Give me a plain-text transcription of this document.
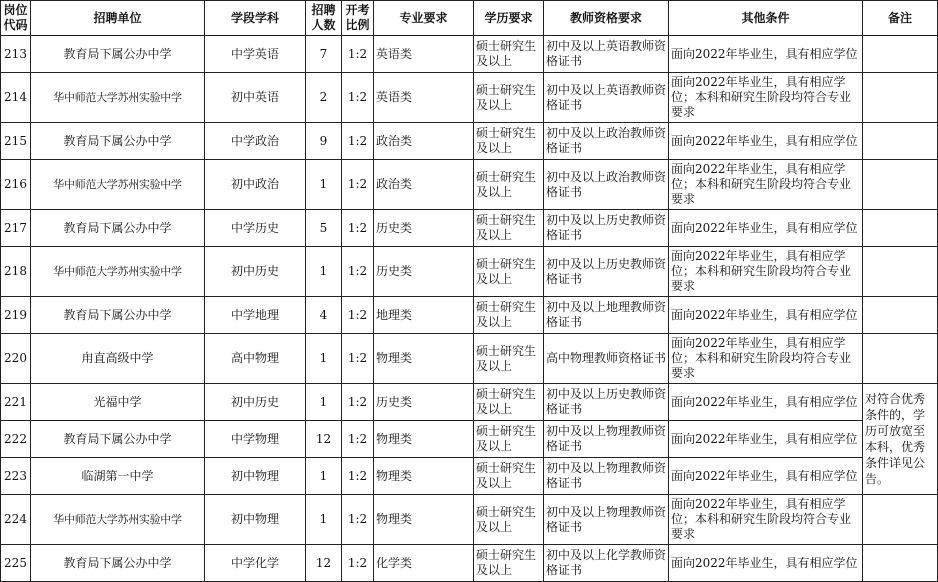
岗位代码	招聘单位	学段学科	招聘人数	开考比例	专业要求	学历要求	教师资格要求	其他条件	备注
213	教育局下属公办中学	中学英语	7	1:2	英语类	硕士研究生及以上	初中及以上英语教师资格证书	面向2022年毕业生，具有相应学位	
214	华中师范大学苏州实验中学	初中英语	2	1:2	英语类	硕士研究生及以上	初中及以上英语教师资格证书	面向2022年毕业生，具有相应学位；本科和研究生阶段均符合专业要求	
215	教育局下属公办中学	中学政治	9	1:2	政治类	硕士研究生及以上	初中及以上政治教师资格证书	面向2022年毕业生，具有相应学位	
216	华中师范大学苏州实验中学	初中政治	1	1:2	政治类	硕士研究生及以上	初中及以上政治教师资格证书	面向2022年毕业生，具有相应学位；本科和研究生阶段均符合专业要求	
217	教育局下属公办中学	中学历史	5	1:2	历史类	硕士研究生及以上	初中及以上历史教师资格证书	面向2022年毕业生，具有相应学位	
218	华中师范大学苏州实验中学	初中历史	1	1:2	历史类	硕士研究生及以上	初中及以上历史教师资格证书	面向2022年毕业生，具有相应学位；本科和研究生阶段均符合专业要求	
219	教育局下属公办中学	中学地理	4	1:2	地理类	硕士研究生及以上	初中及以上地理教师资格证书	面向2022年毕业生，具有相应学位	
220	甪直高级中学	高中物理	1	1:2	物理类	硕士研究生及以上	高中物理教师资格证书	面向2022年毕业生，具有相应学位；本科和研究生阶段均符合专业要求	
221	光福中学	初中历史	1	1:2	历史类	硕士研究生及以上	初中及以上历史教师资格证书	面向2022年毕业生，具有相应学位	对符合优秀条件的，学历可放宽至本科，优秀条件详见公告。
222	教育局下属公办中学	中学物理	12	1:2	物理类	硕士研究生及以上	初中及以上物理教师资格证书	面向2022年毕业生，具有相应学位	
223	临湖第一中学	初中物理	1	1:2	物理类	硕士研究生及以上	初中及以上物理教师资格证书	面向2022年毕业生，具有相应学位	
224	华中师范大学苏州实验中学	初中物理	1	1:2	物理类	硕士研究生及以上	初中及以上物理教师资格证书	面向2022年毕业生，具有相应学位；本科和研究生阶段均符合专业要求	
225	教育局下属公办中学	中学化学	12	1:2	化学类	硕士研究生及以上	初中及以上化学教师资格证书	面向2022年毕业生，具有相应学位	
